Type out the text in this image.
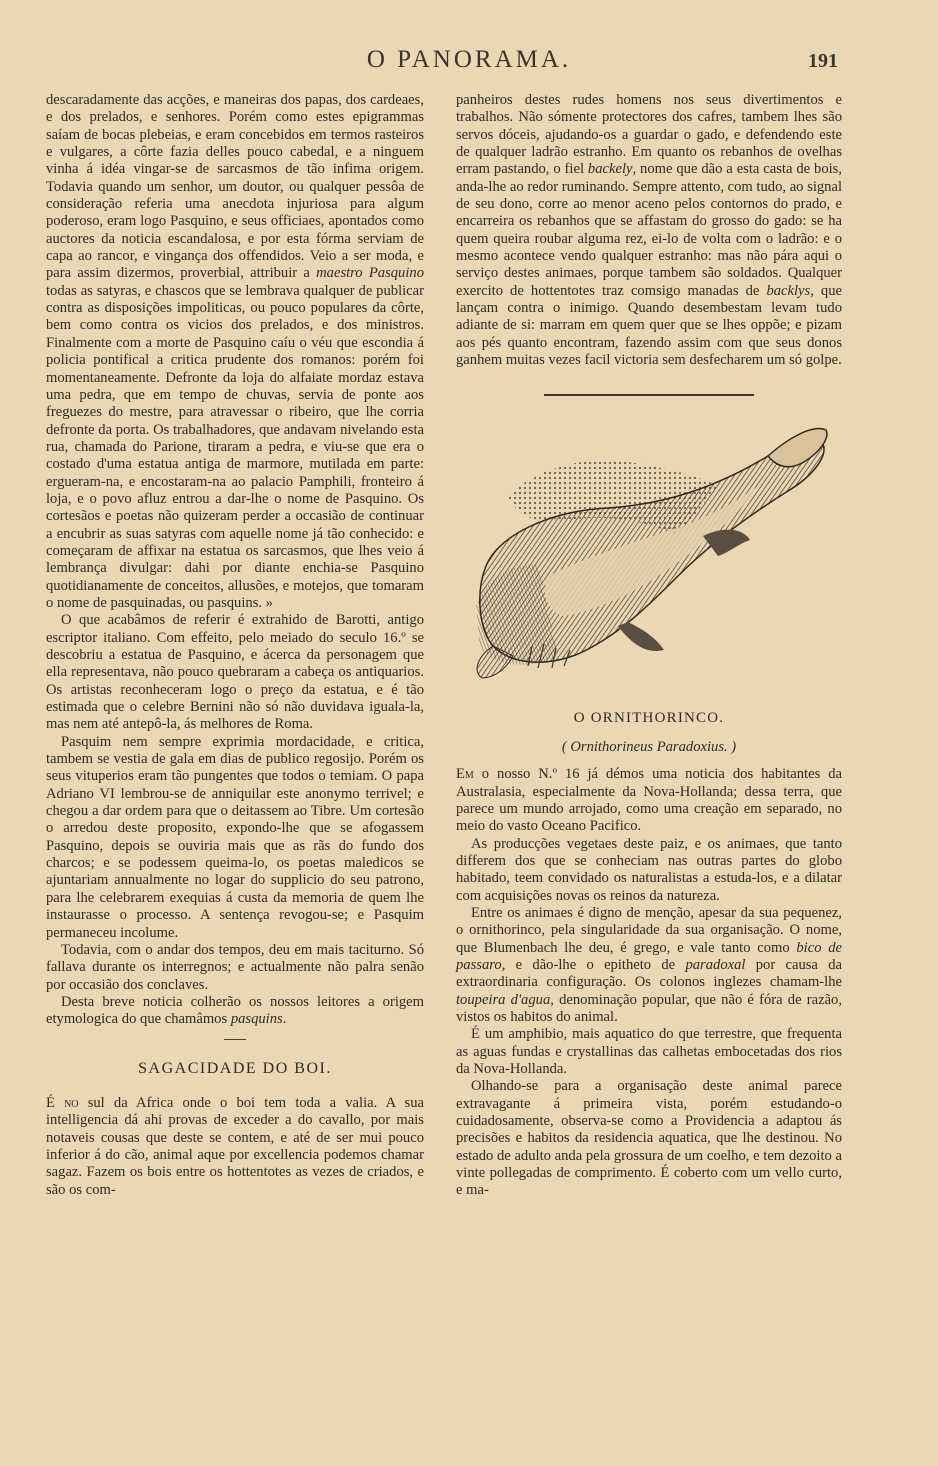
O PANORAMA.	191

descaradamente das acções, e maneiras dos papas, dos cardeaes, e dos prelados, e senhores. Porém como estes epigrammas saíam de bocas plebeias, e eram concebidos em termos rasteiros e vulgares, a côrte fazia delles pouco cabedal, e a ninguem vinha á idéa vingar-se de sarcasmos de tão infima origem. Todavia quando um senhor, um doutor, ou qualquer pessôa de consideração referia uma anecdota injuriosa para algum poderoso, eram logo Pasquino, e seus officiaes, apontados como auctores da noticia escandalosa, e por esta fórma serviam de capa ao rancor, e vingança dos offendidos. Veio a ser moda, e para assim dizermos, proverbial, attribuir a maestro Pasquino todas as satyras, e chascos que se lembrava qualquer de publicar contra as disposições impoliticas, ou pouco populares da côrte, bem como contra os vicios dos prelados, e dos ministros. Finalmente com a morte de Pasquino caíu o véu que escondia á policia pontifical a critica prudente dos romanos: porém foi momentaneamente. Defronte da loja do alfaiate mordaz estava uma pedra, que em tempo de chuvas, servia de ponte aos freguezes do mestre, para atravessar o ribeiro, que lhe corria defronte da porta. Os trabalhadores, que andavam nivelando esta rua, chamada do Parione, tiraram a pedra, e viu-se que era o costado d'uma estatua antiga de marmore, mutilada em parte: ergueram-na, e encostaram-na ao palacio Pamphili, fronteiro á loja, e o povo afluz entrou a dar-lhe o nome de Pasquino. Os cortesãos e poetas não quizeram perder a occasião de continuar a encubrir as suas satyras com aquelle nome já tão conhecido: e começaram de affixar na estatua os sarcasmos, que lhes veio á lembrança divulgar: dahi por diante enchia-se Pasquino quotidianamente de conceitos, allusões, e motejos, que tomaram o nome de pasquinadas, ou pasquins. »

O que acabâmos de referir é extrahido de Barotti, antigo escriptor italiano. Com effeito, pelo meiado do seculo 16.º se descobriu a estatua de Pasquino, e ácerca da personagem que ella representava, não pouco quebraram a cabeça os antiquarios. Os artistas reconheceram logo o preço da estatua, e é tão estimada que o celebre Bernini não só não duvidava iguala-la, mas nem até antepô-la, ás melhores de Roma.

Pasquim nem sempre exprimia mordacidade, e critica, tambem se vestia de gala em dias de publico regosijo. Porém os seus vituperios eram tão pungentes que todos o temiam. O papa Adriano VI lembrou-se de anniquilar este anonymo terrivel; e chegou a dar ordem para que o deitassem ao Tibre. Um cortesão o arredou deste proposito, expondo-lhe que se afogassem Pasquino, depois se ouviria mais que as rãs do fundo dos charcos; e se podessem queima-lo, os poetas maledicos se ajuntariam annualmente no logar do supplicio do seu patrono, para lhe celebrarem exequias á custa da memoria de quem lhe instaurasse o processo. A sentença revogou-se; e Pasquim permaneceu incolume.

Todavia, com o andar dos tempos, deu em mais taciturno. Só fallava durante os interregnos; e actualmente não palra senão por occasião dos conclaves.

Desta breve noticia colherão os nossos leitores a origem etymologica do que chamâmos pasquins.

SAGACIDADE DO BOI.

É no sul da Africa onde o boi tem toda a valia. A sua intelligencia dá ahi provas de exceder a do cavallo, por mais notaveis cousas que deste se contem, e até de ser mui pouco inferior á do cão, animal aque por excellencia podemos chamar sagaz. Fazem os bois entre os hottentotes as vezes de criados, e são os com-

panheiros destes rudes homens nos seus divertimentos e trabalhos. Não sómente protectores dos cafres, tambem lhes são servos dóceis, ajudando-os a guardar o gado, e defendendo este de qualquer ladrão estranho. Em quanto os rebanhos de ovelhas erram pastando, o fiel backely, nome que dão a esta casta de bois, anda-lhe ao redor ruminando. Sempre attento, com tudo, ao signal de seu dono, corre ao menor aceno pelos contornos do prado, e encarreira os rebanhos que se affastam do grosso do gado: se ha quem queira roubar alguma rez, ei-lo de volta com o ladrão: e o mesmo acontece vendo qualquer estranho: mas não pára aqui o serviço destes animaes, porque tambem são soldados. Qualquer exercito de hottentotes traz comsigo manadas de backlys, que lançam contra o inimigo. Quando desembestam levam tudo adiante de si: marram em quem quer que se lhes oppõe; e pizam aos pés quanto encontram, fazendo assim com que seus donos ganhem muitas vezes facil victoria sem desfecharem um só golpe.

O ORNITHORINCO.
( Ornithorineus Paradoxius. )

Em o nosso N.º 16 já démos uma noticia dos habitantes da Australasia, especialmente da Nova-Hollanda; dessa terra, que parece um mundo arrojado, como uma creação em separado, no meio do vasto Oceano Pacifico.

As producções vegetaes deste paiz, e os animaes, que tanto differem dos que se conheciam nas outras partes do globo habitado, teem convidado os naturalistas a estuda-los, e a dilatar com acquisições novas os reinos da natureza.

Entre os animaes é digno de menção, apesar da sua pequenez, o ornithorinco, pela singularidade da sua organisação. O nome, que Blumenbach lhe deu, é grego, e vale tanto como bico de passaro, e dão-lhe o epitheto de paradoxal por causa da extraordinaria configuração. Os colonos inglezes chamam-lhe toupeira d'agua, denominação popular, que não é fóra de razão, vistos os habitos do animal.

É um amphibio, mais aquatico do que terrestre, que frequenta as aguas fundas e crystallinas das calhetas embocetadas dos rios da Nova-Hollanda.

Olhando-se para a organisação deste animal parece extravagante á primeira vista, porém estudando-o cuidadosamente, observa-se como a Providencia a adaptou ás precisões e habitos da residencia aquatica, que lhe destinou. No estado de adulto anda pela grossura de um coelho, e tem dezoito a vinte pollegadas de comprimento. É coberto com um vello curto, e ma-
